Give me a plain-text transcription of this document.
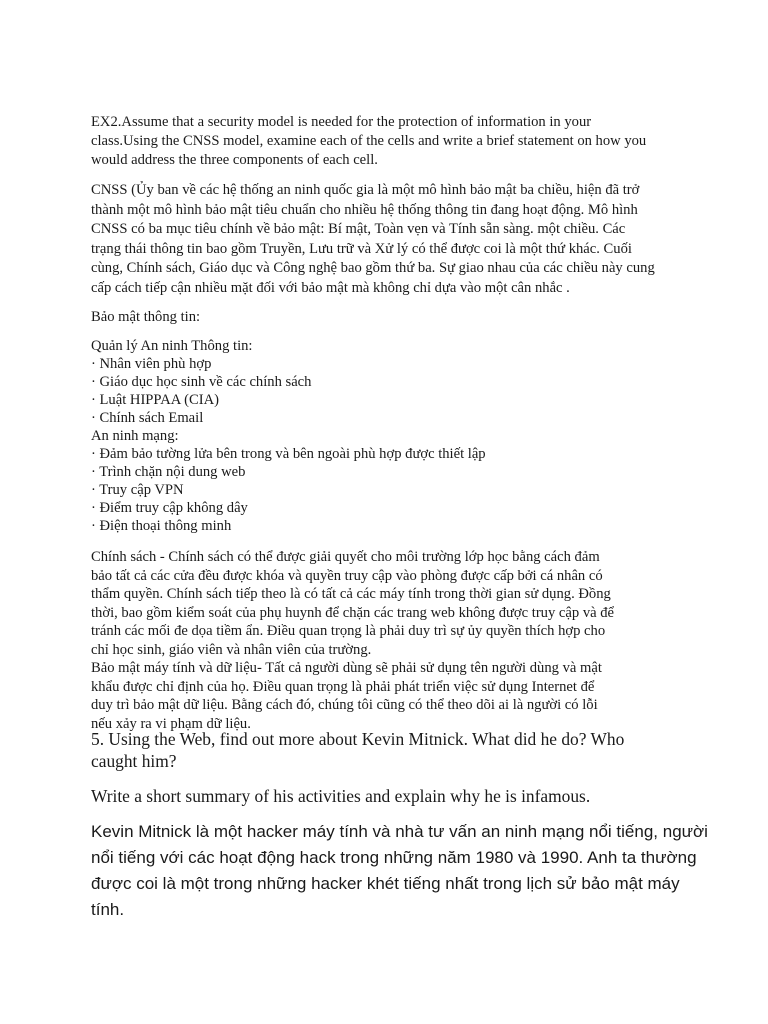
EX2.Assume that a security model is needed for the protection of information in your
class.Using the CNSS model, examine each of the cells and write a brief statement on how you
would address the three components of each cell.
CNSS (Ủy ban về các hệ thống an ninh quốc gia là một mô hình bảo mật ba chiều, hiện đã trở
thành một mô hình bảo mật tiêu chuẩn cho nhiều hệ thống thông tin đang hoạt động. Mô hình
CNSS có ba mục tiêu chính về bảo mật: Bí mật, Toàn vẹn và Tính sẵn sàng. một chiều. Các
trạng thái thông tin bao gồm Truyền, Lưu trữ và Xử lý có thể được coi là một thứ khác. Cuối
cùng, Chính sách, Giáo dục và Công nghệ bao gồm thứ ba. Sự giao nhau của các chiều này cung
cấp cách tiếp cận nhiều mặt đối với bảo mật mà không chỉ dựa vào một cân nhắc .
Bảo mật thông tin:
Quản lý An ninh Thông tin:
· Nhân viên phù hợp
· Giáo dục học sinh về các chính sách
· Luật HIPPAA (CIA)
· Chính sách Email
An ninh mạng:
· Đảm bảo tường lửa bên trong và bên ngoài phù hợp được thiết lập
· Trình chặn nội dung web
· Truy cập VPN
· Điểm truy cập không dây
· Điện thoại thông minh
Chính sách - Chính sách có thể được giải quyết cho môi trường lớp học bằng cách đảm
bảo tất cả các cửa đều được khóa và quyền truy cập vào phòng được cấp bởi cá nhân có
thẩm quyền. Chính sách tiếp theo là có tất cả các máy tính trong thời gian sử dụng. Đồng
thời, bao gồm kiểm soát của phụ huynh để chặn các trang web không được truy cập và để
tránh các mối đe dọa tiềm ẩn. Điều quan trọng là phải duy trì sự ủy quyền thích hợp cho
chỉ học sinh, giáo viên và nhân viên của trường.
Bảo mật máy tính và dữ liệu- Tất cả người dùng sẽ phải sử dụng tên người dùng và mật
khẩu được chỉ định của họ. Điều quan trọng là phải phát triển việc sử dụng Internet để
duy trì bảo mật dữ liệu. Bằng cách đó, chúng tôi cũng có thể theo dõi ai là người có lỗi
nếu xảy ra vi phạm dữ liệu.
5. Using the Web, find out more about Kevin Mitnick. What did he do? Who
caught him?
Write a short summary of his activities and explain why he is infamous.
Kevin Mitnick là một hacker máy tính và nhà tư vấn an ninh mạng nổi tiếng, người
nổi tiếng với các hoạt​ động hack trong những năm 1980 và 1990. Anh ta thường
được coi là một trong những hacker khét​ tiếng nhất trong lịch sử bảo mật máy
tính.
